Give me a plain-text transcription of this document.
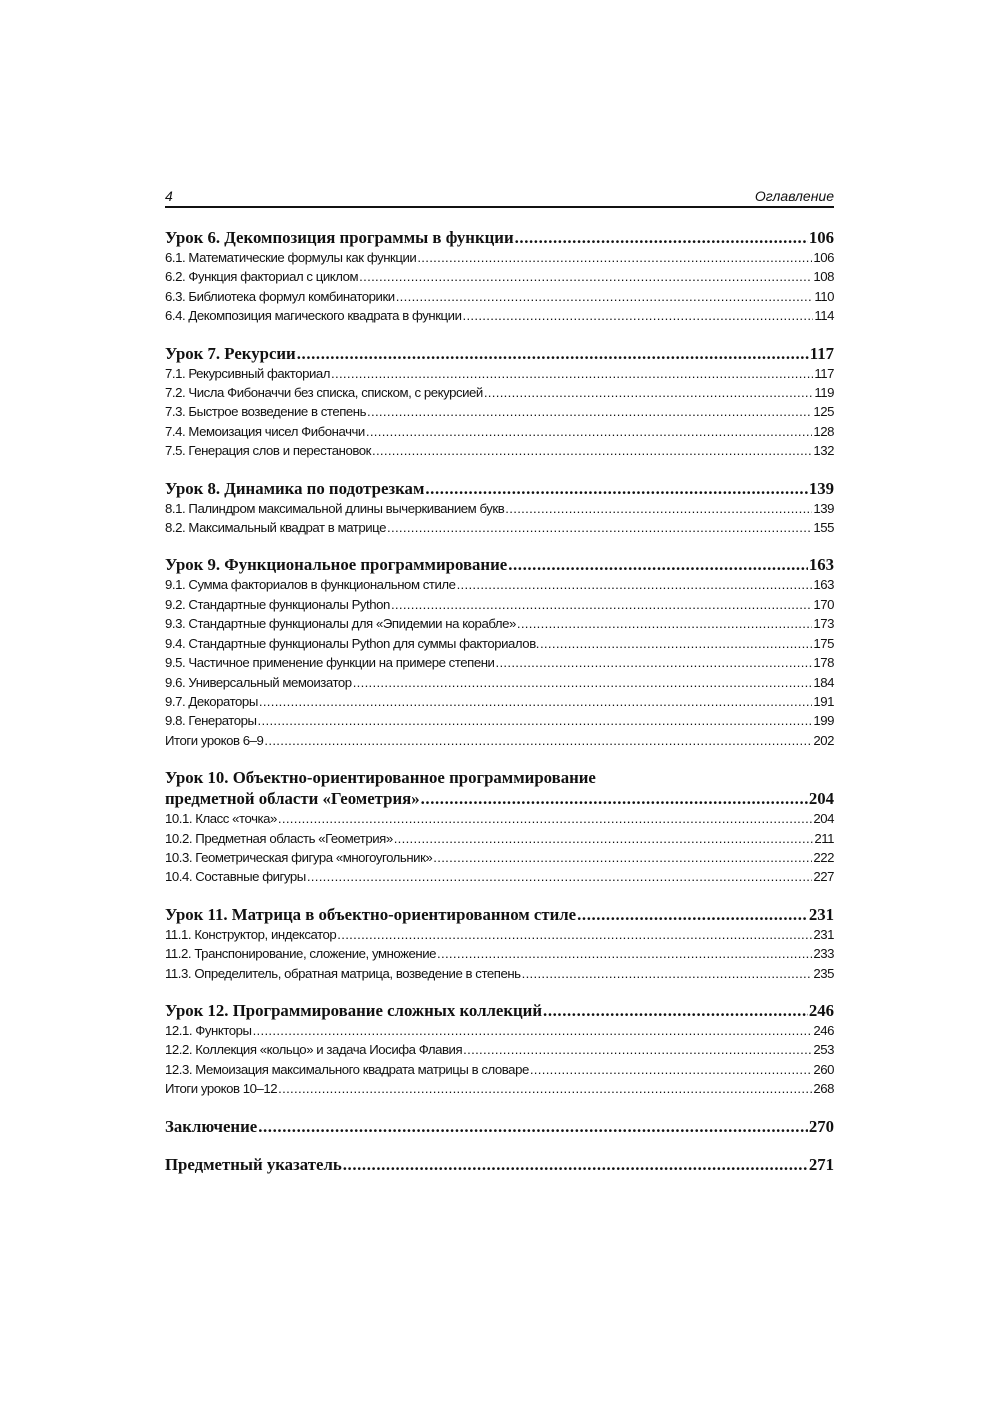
4	Оглавление
Урок 6. Декомпозиция программы в функции .....	106
6.1. Математические формулы как функции .....	106
6.2. Функция факториал с циклом .....	108
6.3. Библиотека формул комбинаторики .....	110
6.4. Декомпозиция магического квадрата в функции .....	114
Урок 7. Рекурсии .....	117
7.1. Рекурсивный факториал .....	117
7.2. Числа Фибоначчи без списка, списком, с рекурсией .....	119
7.3. Быстрое возведение в степень .....	125
7.4. Мемоизация чисел Фибоначчи .....	128
7.5. Генерация слов и перестановок .....	132
Урок 8. Динамика по подотрезкам .....	139
8.1. Палиндром максимальной длины вычеркиванием букв .....	139
8.2. Максимальный квадрат в матрице .....	155
Урок 9. Функциональное программирование .....	163
9.1. Сумма факториалов в функциональном стиле .....	163
9.2. Стандартные функционалы Python .....	170
9.3. Стандартные функционалы для «Эпидемии на корабле» .....	173
9.4. Стандартные функционалы Python для суммы факториалов. .....	175
9.5. Частичное применение функции на примере степени .....	178
9.6. Универсальный мемоизатор .....	184
9.7. Декораторы .....	191
9.8. Генераторы .....	199
Итоги уроков 6–9 .....	202
Урок 10. Объектно-ориентированное программирование
предметной области «Геометрия» .....	204
10.1. Класс «точка» .....	204
10.2. Предметная область «Геометрия» .....	211
10.3. Геометрическая фигура «многоугольник» .....	222
10.4. Составные фигуры .....	227
Урок 11. Матрица в объектно-ориентированном стиле .....	231
11.1. Конструктор, индексатор .....	231
11.2. Транспонирование, сложение, умножение .....	233
11.3. Определитель, обратная матрица, возведение в степень .....	235
Урок 12. Программирование сложных коллекций .....	246
12.1. Функторы .....	246
12.2. Коллекция «кольцо» и задача Иосифа Флавия .....	253
12.3. Мемоизация максимального квадрата матрицы в словаре .....	260
Итоги уроков 10–12 .....	268
Заключение .....	270
Предметный указатель .....	271
